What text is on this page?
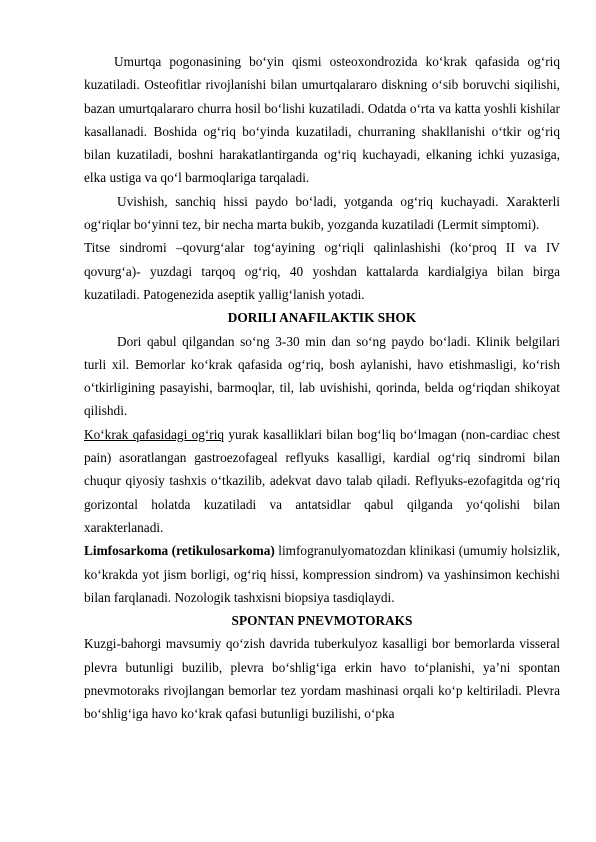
Umurtqa pogonasining bo‘yin qismi osteoxondrozida ko‘krak qafasida og‘riq kuzatiladi. Osteofitlar rivojlanishi bilan umurtqalararo diskning o‘sib boruvchi siqilishi, bazan umurtqalararo churra hosil bo‘lishi kuzatiladi. Odatda o‘rta va katta yoshli kishilar kasallanadi. Boshida og‘riq bo‘yinda kuzatiladi, churraning shakllanishi o‘tkir og‘riq bilan kuzatiladi, boshni harakatlantirganda og‘riq kuchayadi, elkaning ichki yuzasiga, elka ustiga va qo‘l barmoqlariga tarqaladi.

Uvishish, sanchiq hissi paydo bo‘ladi, yotganda og‘riq kuchayadi. Xarakterli og‘riqlar bo‘yinni tez, bir necha marta bukib, yozganda kuzatiladi (Lermit simptomi).

Titse sindromi –qovurg‘alar tog‘ayining og‘riqli qalinlashishi (ko‘proq II va IV qovurg‘a)- yuzdagi tarqoq og‘riq, 40 yoshdan kattalarda kardialgiya bilan birga kuzatiladi. Patogenezida aseptik yallig‘lanish yotadi.

DORILI ANAFILAKTIK SHOK

Dori qabul qilgandan so‘ng 3-30 min dan so‘ng paydo bo‘ladi. Klinik belgilari turli xil. Bemorlar ko‘krak qafasida og‘riq, bosh aylanishi, havo etishmasligi, ko‘rish o‘tkirligining pasayishi, barmoqlar, til, lab uvishishi, qorinda, belda og‘riqdan shikoyat qilishdi.

Ko‘krak qafasidagi og‘riq yurak kasalliklari bilan bog‘liq bo‘lmagan (non-cardiac chest pain) asoratlangan gastroezofageal reflyuks kasalligi, kardial og‘riq sindromi bilan chuqur qiyosiy tashxis o‘tkazilib, adekvat davo talab qiladi. Reflyuks-ezofagitda og‘riq gorizontal holatda kuzatiladi va antatsidlar qabul qilganda yo‘qolishi bilan xarakterlanadi.

Limfosarkoma (retikulosarkoma) limfogranulyomatozdan klinikasi (umumiy holsizlik, ko‘krakda yot jism borligi, og‘riq hissi, kompression sindrom) va yashinsimon kechishi bilan farqlanadi. Nozologik tashxisni biopsiya tasdiqlaydi.

SPONTAN PNEVMOTORAKS

Kuzgi-bahorgi mavsumiy qo‘zish davrida tuberkulyoz kasalligi bor bemorlarda visseral plevra butunligi buzilib, plevra bo‘shlig‘iga erkin havo to‘planishi, ya’ni spontan pnevmotoraks rivojlangan bemorlar tez yordam mashinasi orqali ko‘p keltiriladi. Plevra bo‘shlig‘iga havo ko‘krak qafasi butunligi buzilishi, o‘pka
